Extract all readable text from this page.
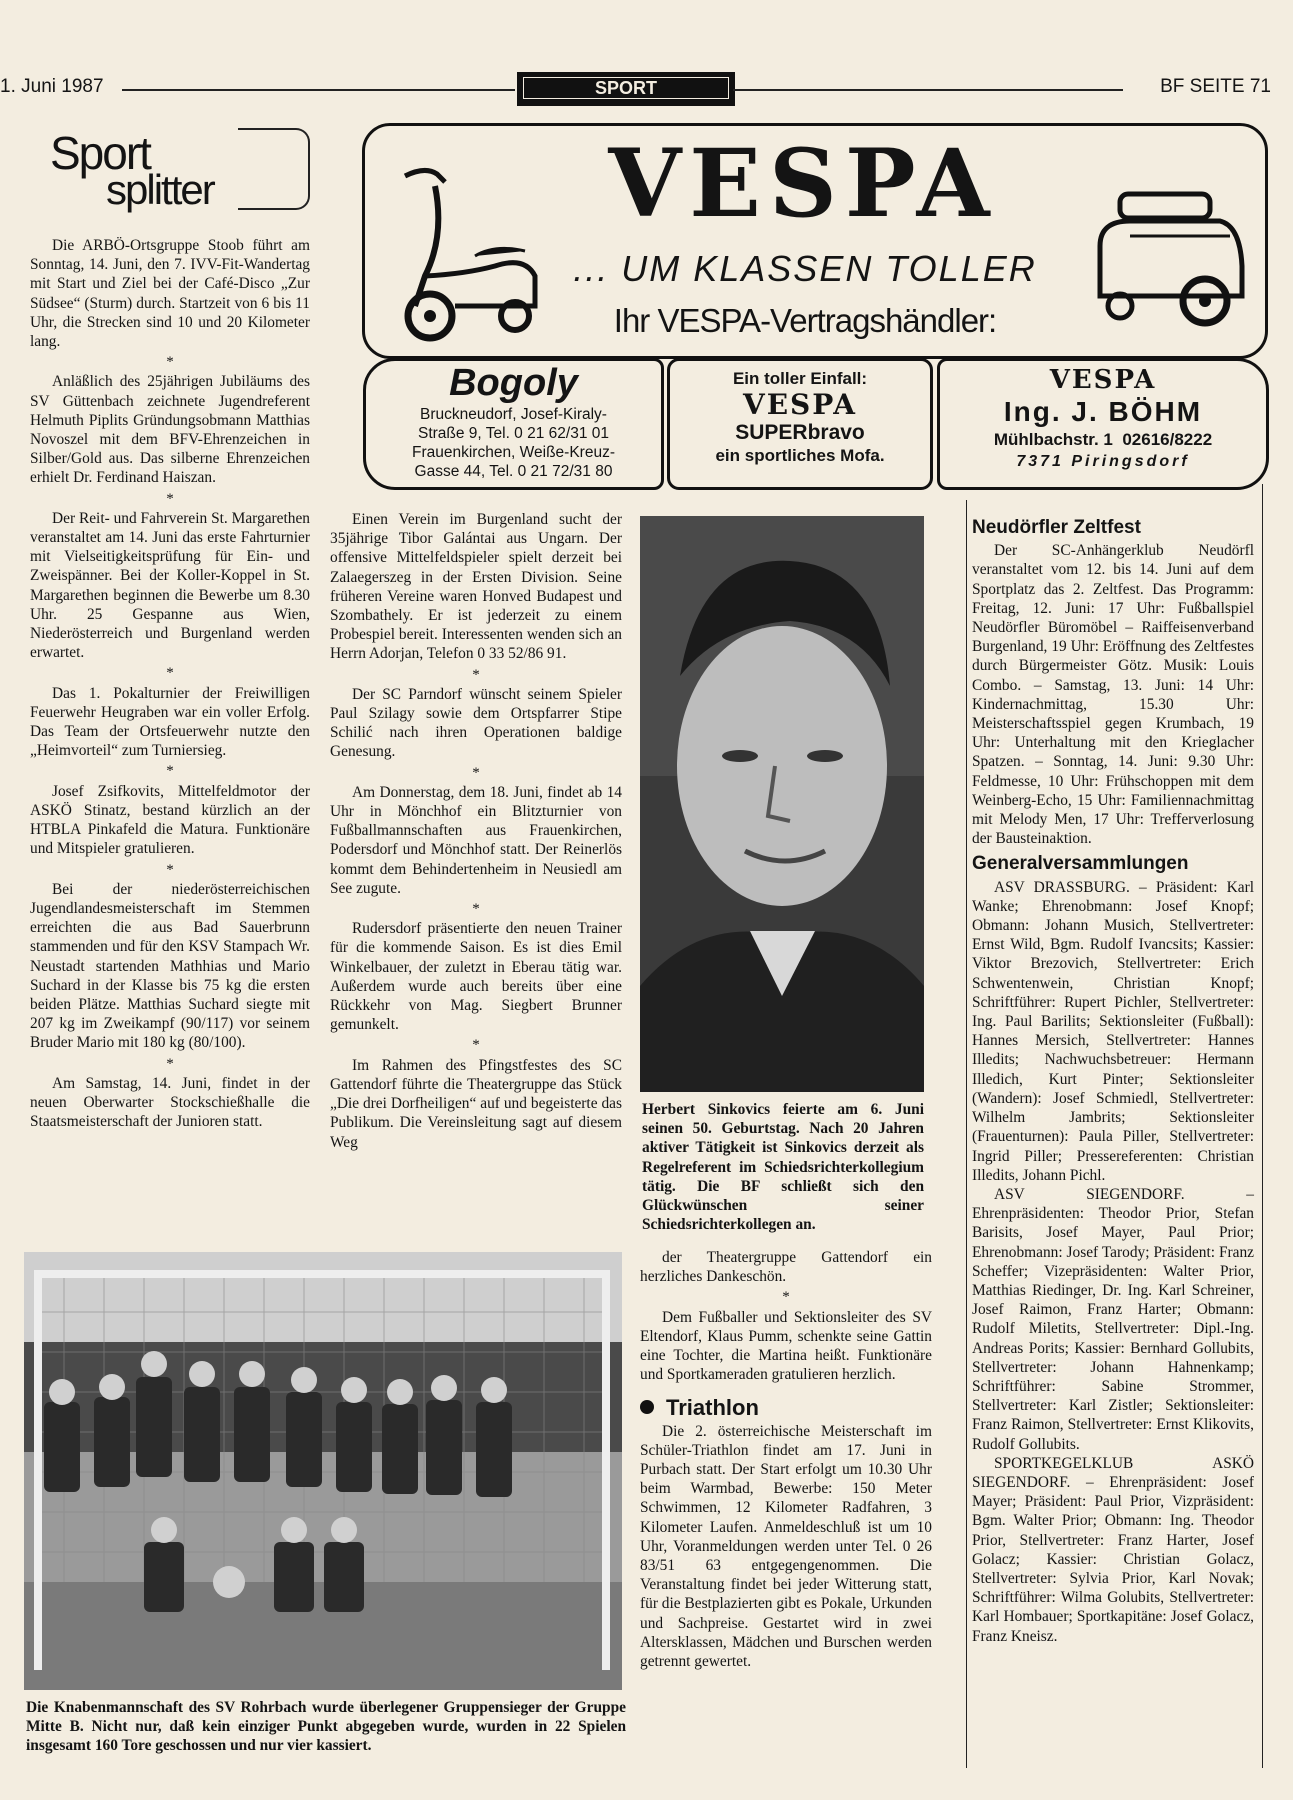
1. Juni 1987	SPORT	BF SEITE 71
Sport
splitter

Die ARBÖ-Ortsgruppe Stoob führt am Sonntag, 14. Juni, den 7. IVV-Fit-Wandertag mit Start und Ziel bei der Café-Disco „Zur Südsee“ (Sturm) durch. Startzeit von 6 bis 11 Uhr, die Strecken sind 10 und 20 Kilometer lang.

*

Anläßlich des 25jährigen Jubiläums des SV Güttenbach zeichnete Jugendreferent Helmuth Piplits Gründungsobmann Matthias Novoszel mit dem BFV-Ehrenzeichen in Silber/Gold aus. Das silberne Ehrenzeichen erhielt Dr. Ferdinand Haiszan.

*

Der Reit- und Fahrverein St. Margarethen veranstaltet am 14. Juni das erste Fahrturnier mit Vielseitigkeitsprüfung für Ein- und Zweispänner. Bei der Koller-Koppel in St. Margarethen beginnen die Bewerbe um 8.30 Uhr. 25 Gespanne aus Wien, Niederösterreich und Burgenland werden erwartet.

*

Das 1. Pokalturnier der Freiwilligen Feuerwehr Heugraben war ein voller Erfolg. Das Team der Ortsfeuerwehr nutzte den „Heimvorteil“ zum Turniersieg.

*

Josef Zsifkovits, Mittelfeldmotor der ASKÖ Stinatz, bestand kürzlich an der HTBLA Pinkafeld die Matura. Funktionäre und Mitspieler gratulieren.

*

Bei der niederösterreichischen Jugendlandesmeisterschaft im Stemmen erreichten die aus Bad Sauerbrunn stammenden und für den KSV Stampach Wr. Neustadt startenden Mathhias und Mario Suchard in der Klasse bis 75 kg die ersten beiden Plätze. Matthias Suchard siegte mit 207 kg im Zweikampf (90/117) vor seinem Bruder Mario mit 180 kg (80/100).

*

Am Samstag, 14. Juni, findet in der neuen Oberwarter Stockschießhalle die Staatsmeisterschaft der Junioren statt.

VESPA
... UM KLASSEN TOLLER
Ihr VESPA-Vertragshändler:
Bogoly
Bruckneudorf, Josef-Kiraly-
Straße 9, Tel. 0 21 62/31 01
Frauenkirchen, Weiße-Kreuz-
Gasse 44, Tel. 0 21 72/31 80
Ein toller Einfall:
VESPA
SUPERbravo
ein sportliches Mofa.
VESPA
Ing. J. BÖHM
Mühlbachstr. 1 02616/8222
7371 Piringsdorf

Einen Verein im Burgenland sucht der 35jährige Tibor Galántai aus Ungarn. Der offensive Mittelfeldspieler spielt derzeit bei Zalaegerszeg in der Ersten Division. Seine früheren Vereine waren Honved Budapest und Szombathely. Er ist jederzeit zu einem Probespiel bereit. Interessenten wenden sich an Herrn Adorjan, Telefon 0 33 52/86 91.

*

Der SC Parndorf wünscht seinem Spieler Paul Szilagy sowie dem Ortspfarrer Stipe Schilić nach ihren Operationen baldige Genesung.

*

Am Donnerstag, dem 18. Juni, findet ab 14 Uhr in Mönchhof ein Blitzturnier von Fußballmannschaften aus Frauenkirchen, Podersdorf und Mönchhof statt. Der Reinerlös kommt dem Behindertenheim in Neusiedl am See zugute.

*

Rudersdorf präsentierte den neuen Trainer für die kommende Saison. Es ist dies Emil Winkelbauer, der zuletzt in Eberau tätig war. Außerdem wurde auch bereits über eine Rückkehr von Mag. Siegbert Brunner gemunkelt.

*

Im Rahmen des Pfingstfestes des SC Gattendorf führte die Theatergruppe das Stück „Die drei Dorfheiligen“ auf und begeisterte das Publikum. Die Vereinsleitung sagt auf diesem Weg

Herbert Sinkovics feierte am 6. Juni seinen 50. Geburtstag. Nach 20 Jahren aktiver Tätigkeit ist Sinkovics derzeit als Regelreferent im Schiedsrichterkollegium tätig. Die BF schließt sich den Glückwünschen seiner Schiedsrichterkollegen an.
Die Knabenmannschaft des SV Rohrbach wurde überlegener Gruppensieger der Gruppe Mitte B. Nicht nur, daß kein einziger Punkt abgegeben wurde, wurden in 22 Spielen insgesamt 160 Tore geschossen und nur vier kassiert.

der Theatergruppe Gattendorf ein herzliches Dankeschön.

*

Dem Fußballer und Sektionsleiter des SV Eltendorf, Klaus Pumm, schenkte seine Gattin eine Tochter, die Martina heißt. Funktionäre und Sportkameraden gratulieren herzlich.

Triathlon

Die 2. österreichische Meisterschaft im Schüler-Triathlon findet am 17. Juni in Purbach statt. Der Start erfolgt um 10.30 Uhr beim Warmbad, Bewerbe: 150 Meter Schwimmen, 12 Kilometer Radfahren, 3 Kilometer Laufen. Anmeldeschluß ist um 10 Uhr, Voranmeldungen werden unter Tel. 0 26 83/51 63 entgegengenommen. Die Veranstaltung findet bei jeder Witterung statt, für die Bestplazierten gibt es Pokale, Urkunden und Sachpreise. Gestartet wird in zwei Altersklassen, Mädchen und Burschen werden getrennt gewertet.

Neudörfler Zeltfest

Der SC-Anhängerklub Neudörfl veranstaltet vom 12. bis 14. Juni auf dem Sportplatz das 2. Zeltfest. Das Programm: Freitag, 12. Juni: 17 Uhr: Fußballspiel Neudörfler Büromöbel – Raiffeisenverband Burgenland, 19 Uhr: Eröffnung des Zeltfestes durch Bürgermeister Götz. Musik: Louis Combo. – Samstag, 13. Juni: 14 Uhr: Kindernachmittag, 15.30 Uhr: Meisterschaftsspiel gegen Krumbach, 19 Uhr: Unterhaltung mit den Krieglacher Spatzen. – Sonntag, 14. Juni: 9.30 Uhr: Feldmesse, 10 Uhr: Frühschoppen mit dem Weinberg-Echo, 15 Uhr: Familiennachmittag mit Melody Men, 17 Uhr: Trefferverlosung der Bausteinaktion.

Generalversammlungen

ASV DRASSBURG. – Präsident: Karl Wanke; Ehrenobmann: Josef Knopf; Obmann: Johann Musich, Stellvertreter: Ernst Wild, Bgm. Rudolf Ivancsits; Kassier: Viktor Brezovich, Stellvertreter: Erich Schwentenwein, Christian Knopf; Schriftführer: Rupert Pichler, Stellvertreter: Ing. Paul Barilits; Sektionsleiter (Fußball): Hannes Mersich, Stellvertreter: Hannes Illedits; Nachwuchsbetreuer: Hermann Illedich, Kurt Pinter; Sektionsleiter (Wandern): Josef Schmiedl, Stellvertreter: Wilhelm Jambrits; Sektionsleiter (Frauenturnen): Paula Piller, Stellvertreter: Ingrid Piller; Pressereferenten: Christian Illedits, Johann Pichl.

ASV SIEGENDORF. – Ehrenpräsidenten: Theodor Prior, Stefan Barisits, Josef Mayer, Paul Prior; Ehrenobmann: Josef Tarody; Präsident: Franz Scheffer; Vizepräsidenten: Walter Prior, Matthias Riedinger, Dr. Ing. Karl Schreiner, Josef Raimon, Franz Harter; Obmann: Rudolf Miletits, Stellvertreter: Dipl.-Ing. Andreas Porits; Kassier: Bernhard Gollubits, Stellvertreter: Johann Hahnenkamp; Schriftführer: Sabine Strommer, Stellvertreter: Karl Zistler; Sektionsleiter: Franz Raimon, Stellvertreter: Ernst Klikovits, Rudolf Gollubits.

SPORTKEGELKLUB ASKÖ SIEGENDORF. – Ehrenpräsident: Josef Mayer; Präsident: Paul Prior, Vizpräsident: Bgm. Walter Prior; Obmann: Ing. Theodor Prior, Stellvertreter: Franz Harter, Josef Golacz; Kassier: Christian Golacz, Stellvertreter: Sylvia Prior, Karl Novak; Schriftführer: Wilma Golubits, Stellvertreter: Karl Hombauer; Sportkapitäne: Josef Golacz, Franz Kneisz.
